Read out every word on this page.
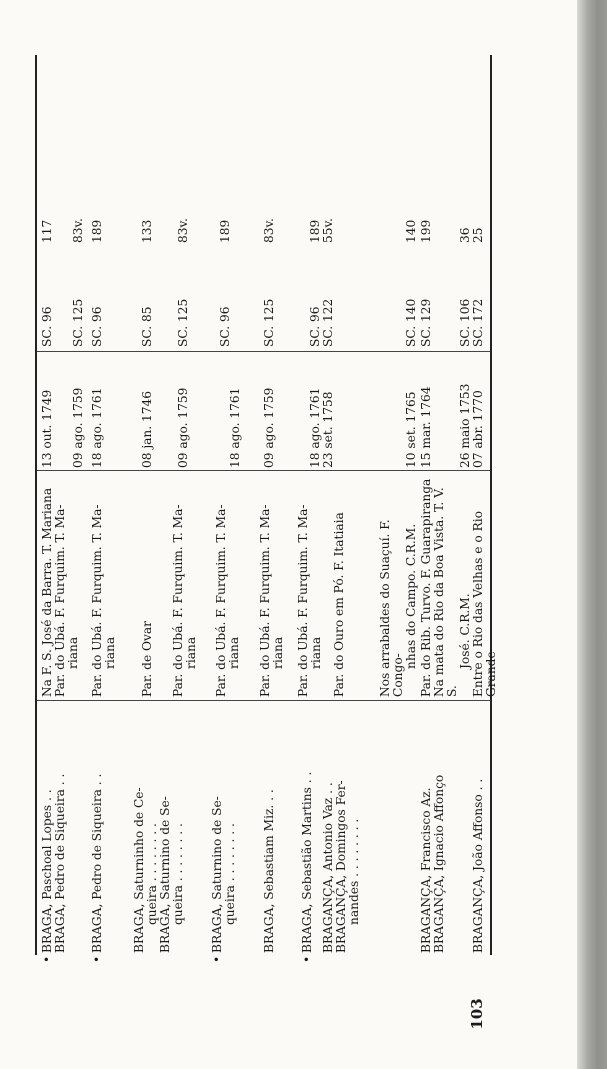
•
BRAGA, Paschoal Lopes . .
Na F. S. José da Barra. T. Mariana
13 out. 1749
SC. 96
117
BRAGA, Pedro de Siqueira . .
Par. do Ubá. F. Furquim. T. Ma- riana
09 ago. 1759
SC. 125
83v.
•
BRAGA, Pedro de Siqueira . .
Par. do Ubá. F. Furquim. T. Ma- riana
18 ago. 1761
SC. 96
189
BRAGA, Saturninho de Ce- queira . . . . . . . .
Par. de Ovar
08 jan. 1746
SC. 85
133
BRAGA, Saturnino de Se- queira . . . . . . . .
Par. do Ubá. F. Furquim. T. Ma- riana
09 ago. 1759
SC. 125
83v.
•
BRAGA, Saturnino de Se- queira . . . . . . . .
Par. do Ubá. F. Furquim. T. Ma- riana
18 ago. 1761
SC. 96
189
BRAGA, Sebastiam Miz. . .
Par. do Ubá. F. Furquim. T. Ma- riana
09 ago. 1759
SC. 125
83v.
•
BRAGA, Sebastião Martins . .
Par. do Ubá. F. Furquim. T. Ma- riana
18 ago. 1761
SC. 96
189
BRAGANÇA, Antonio Vaz . .
Par. do Ouro em Pó. F. Itatiaia
23 set. 1758
SC. 122
55v.
BRAGANÇA, Domingos Fer- nandes . . . . . . . .
Nos arrabaldes do Suaçuí. F. Congo-
nhas do Campo. C.R.M.
10 set. 1765
SC. 140
140
BRAGANÇA, Francisco Az.
Par. do Rib. Turvo. F. Guarapiranga
15 mar. 1764
SC. 129
199
BRAGANÇA, Ignacio Affonço
Na mata do Rio da Boa Vista. T. V. S.
José. C.R.M.
26 maio 1753
SC. 106
36
BRAGANÇA, João Affonso . .
Entre o Rio das Velhas e o Rio Grande
07 abr. 1770
SC. 172
25
103
